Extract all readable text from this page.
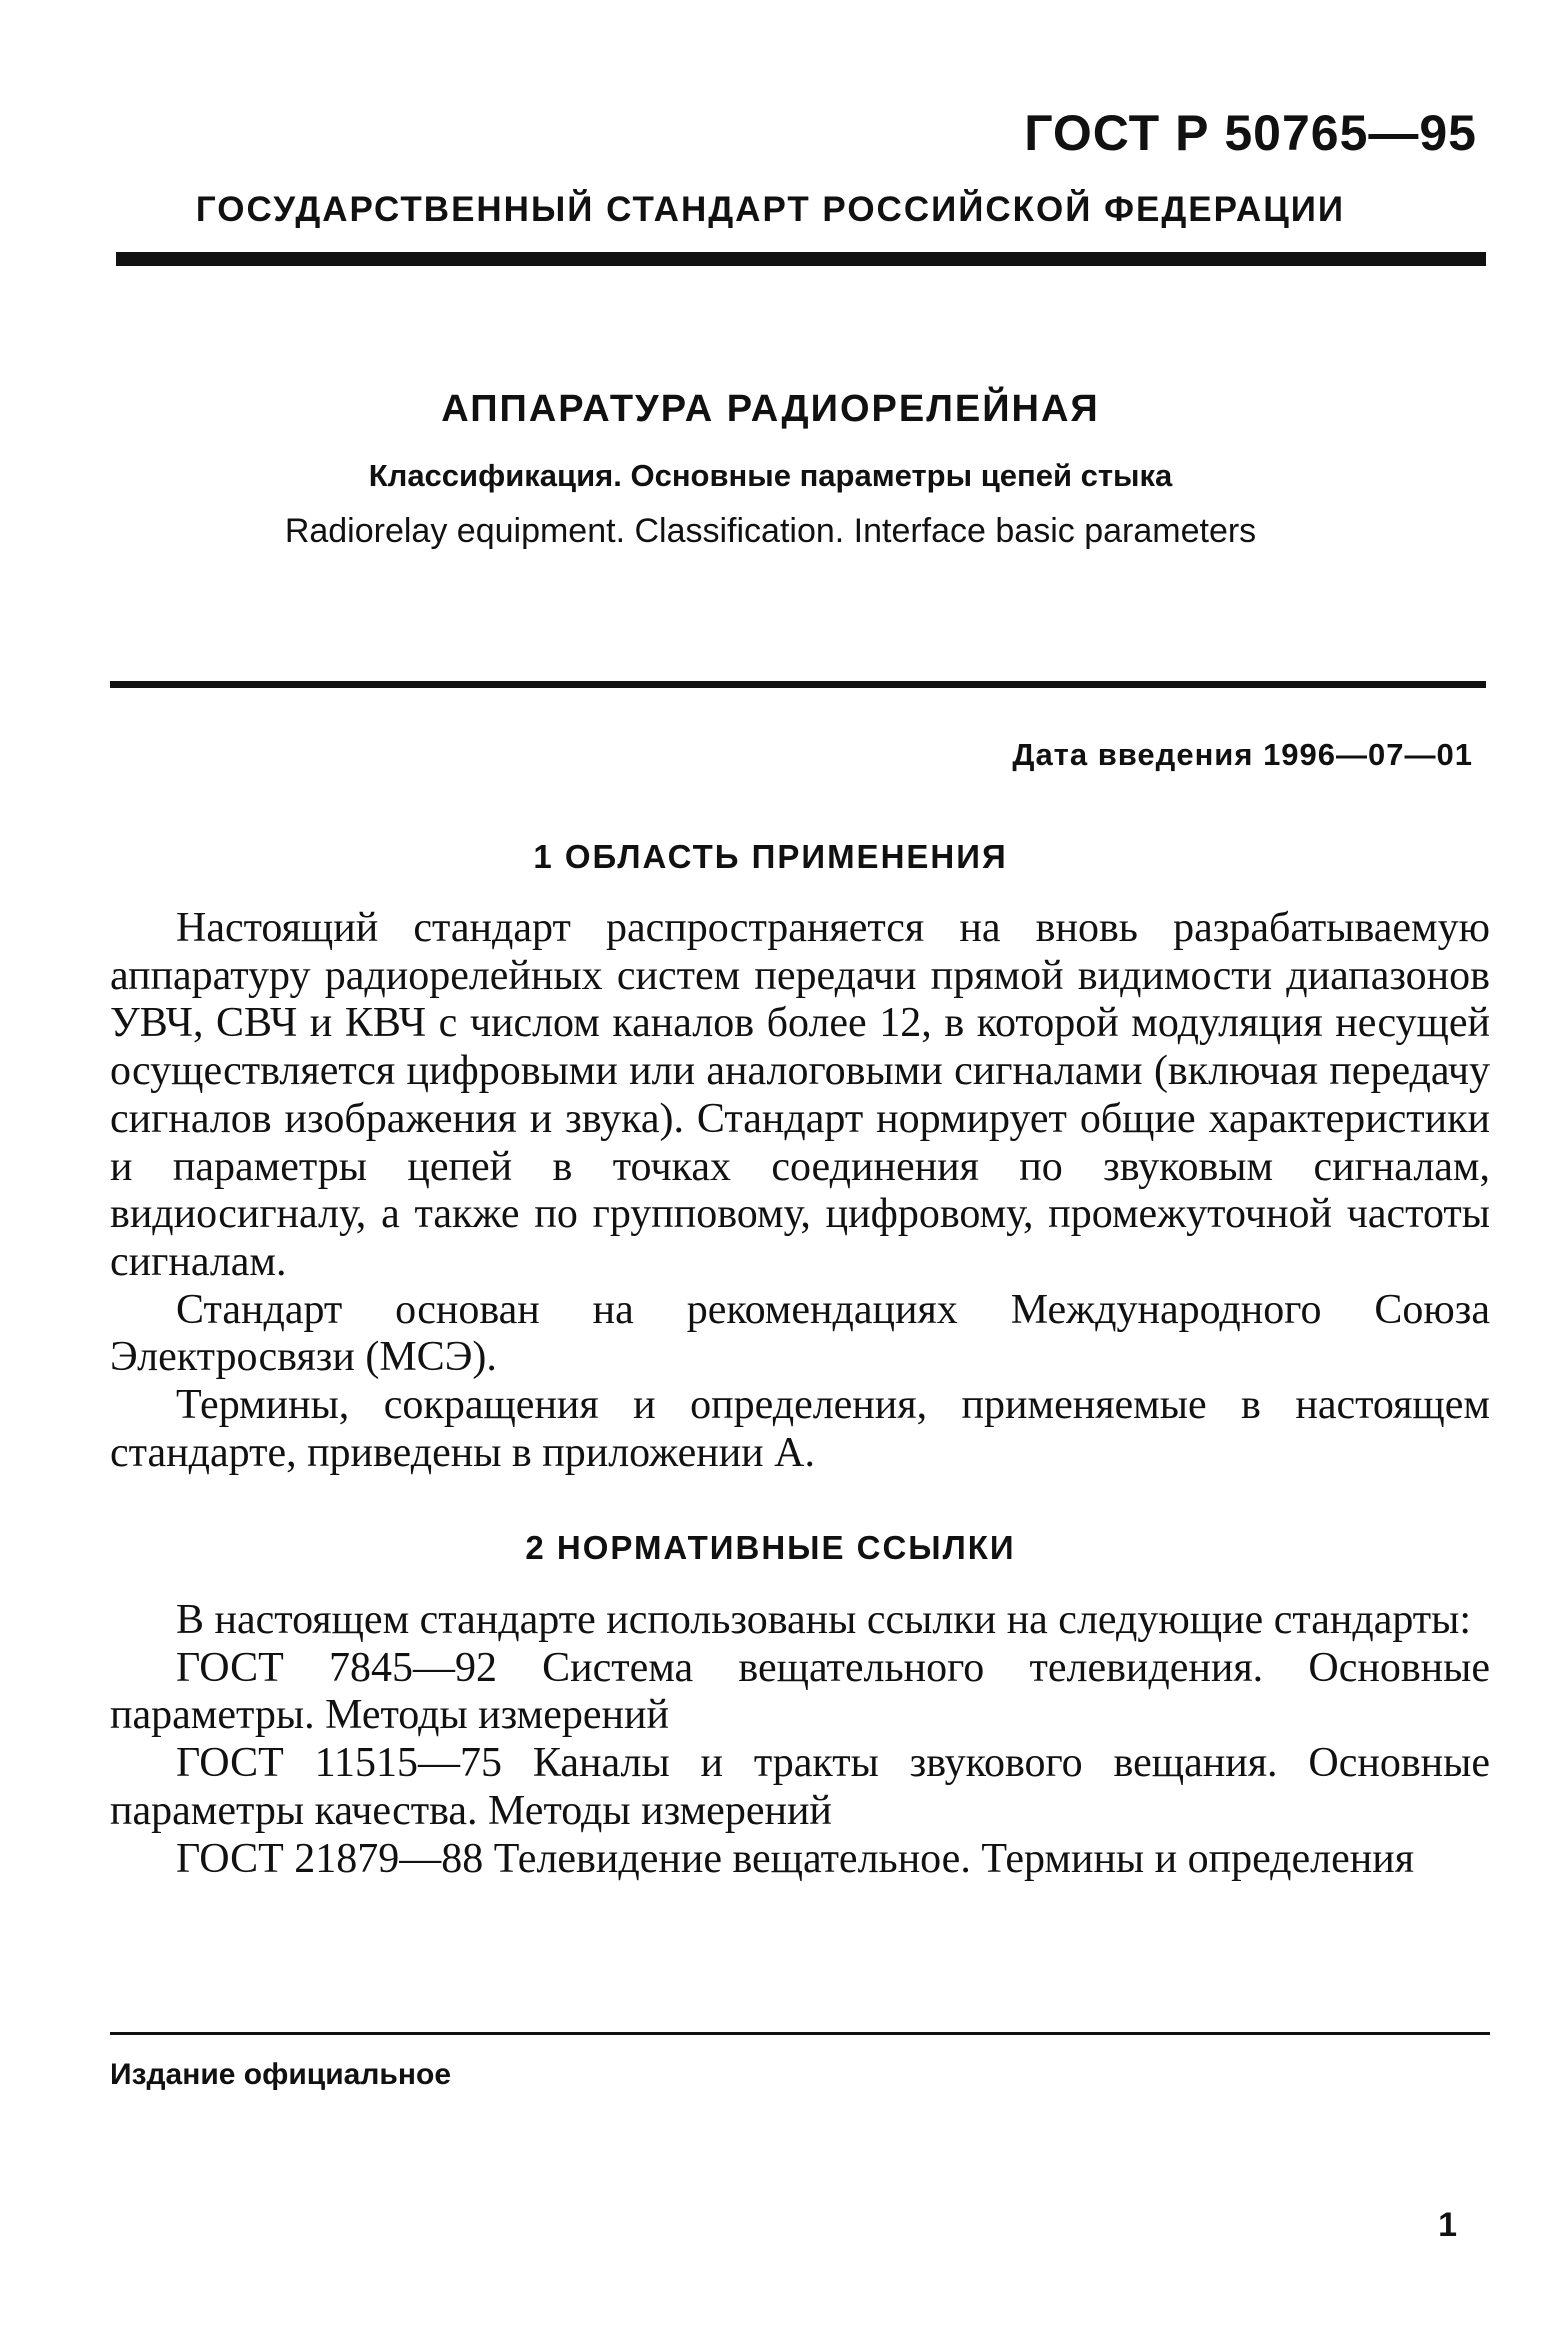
ГОСТ Р 50765—95
ГОСУДАРСТВЕННЫЙ СТАНДАРТ РОССИЙСКОЙ ФЕДЕРАЦИИ
АППАРАТУРА РАДИОРЕЛЕЙНАЯ
Классификация. Основные параметры цепей стыка
Radiorelay equipment. Classification. Interface basic parameters
Дата введения 1996—07—01
1 ОБЛАСТЬ ПРИМЕНЕНИЯ

Настоящий стандарт распространяется на вновь разрабатываемую аппаратуру радиорелейных систем передачи прямой видимости диапазонов УВЧ, СВЧ и КВЧ с числом каналов более 12, в которой модуляция несущей осуществляется цифровыми или аналоговыми сигналами (включая передачу сигналов изображения и звука). Стандарт нормирует общие характеристики и параметры цепей в точках соединения по звуковым сигналам, видиосигналу, а также по групповому, цифровому, промежуточной частоты сигналам.

Стандарт основан на рекомендациях Международного Союза Электросвязи (МСЭ).

Термины, сокращения и определения, применяемые в настоящем стандарте, приведены в приложении А.

2 НОРМАТИВНЫЕ ССЫЛКИ

В настоящем стандарте использованы ссылки на следующие стандарты:

ГОСТ 7845—92 Система вещательного телевидения. Основные параметры. Методы измерений

ГОСТ 11515—75 Каналы и тракты звукового вещания. Основные параметры качества. Методы измерений

ГОСТ 21879—88 Телевидение вещательное. Термины и определения

Издание официальное
1
